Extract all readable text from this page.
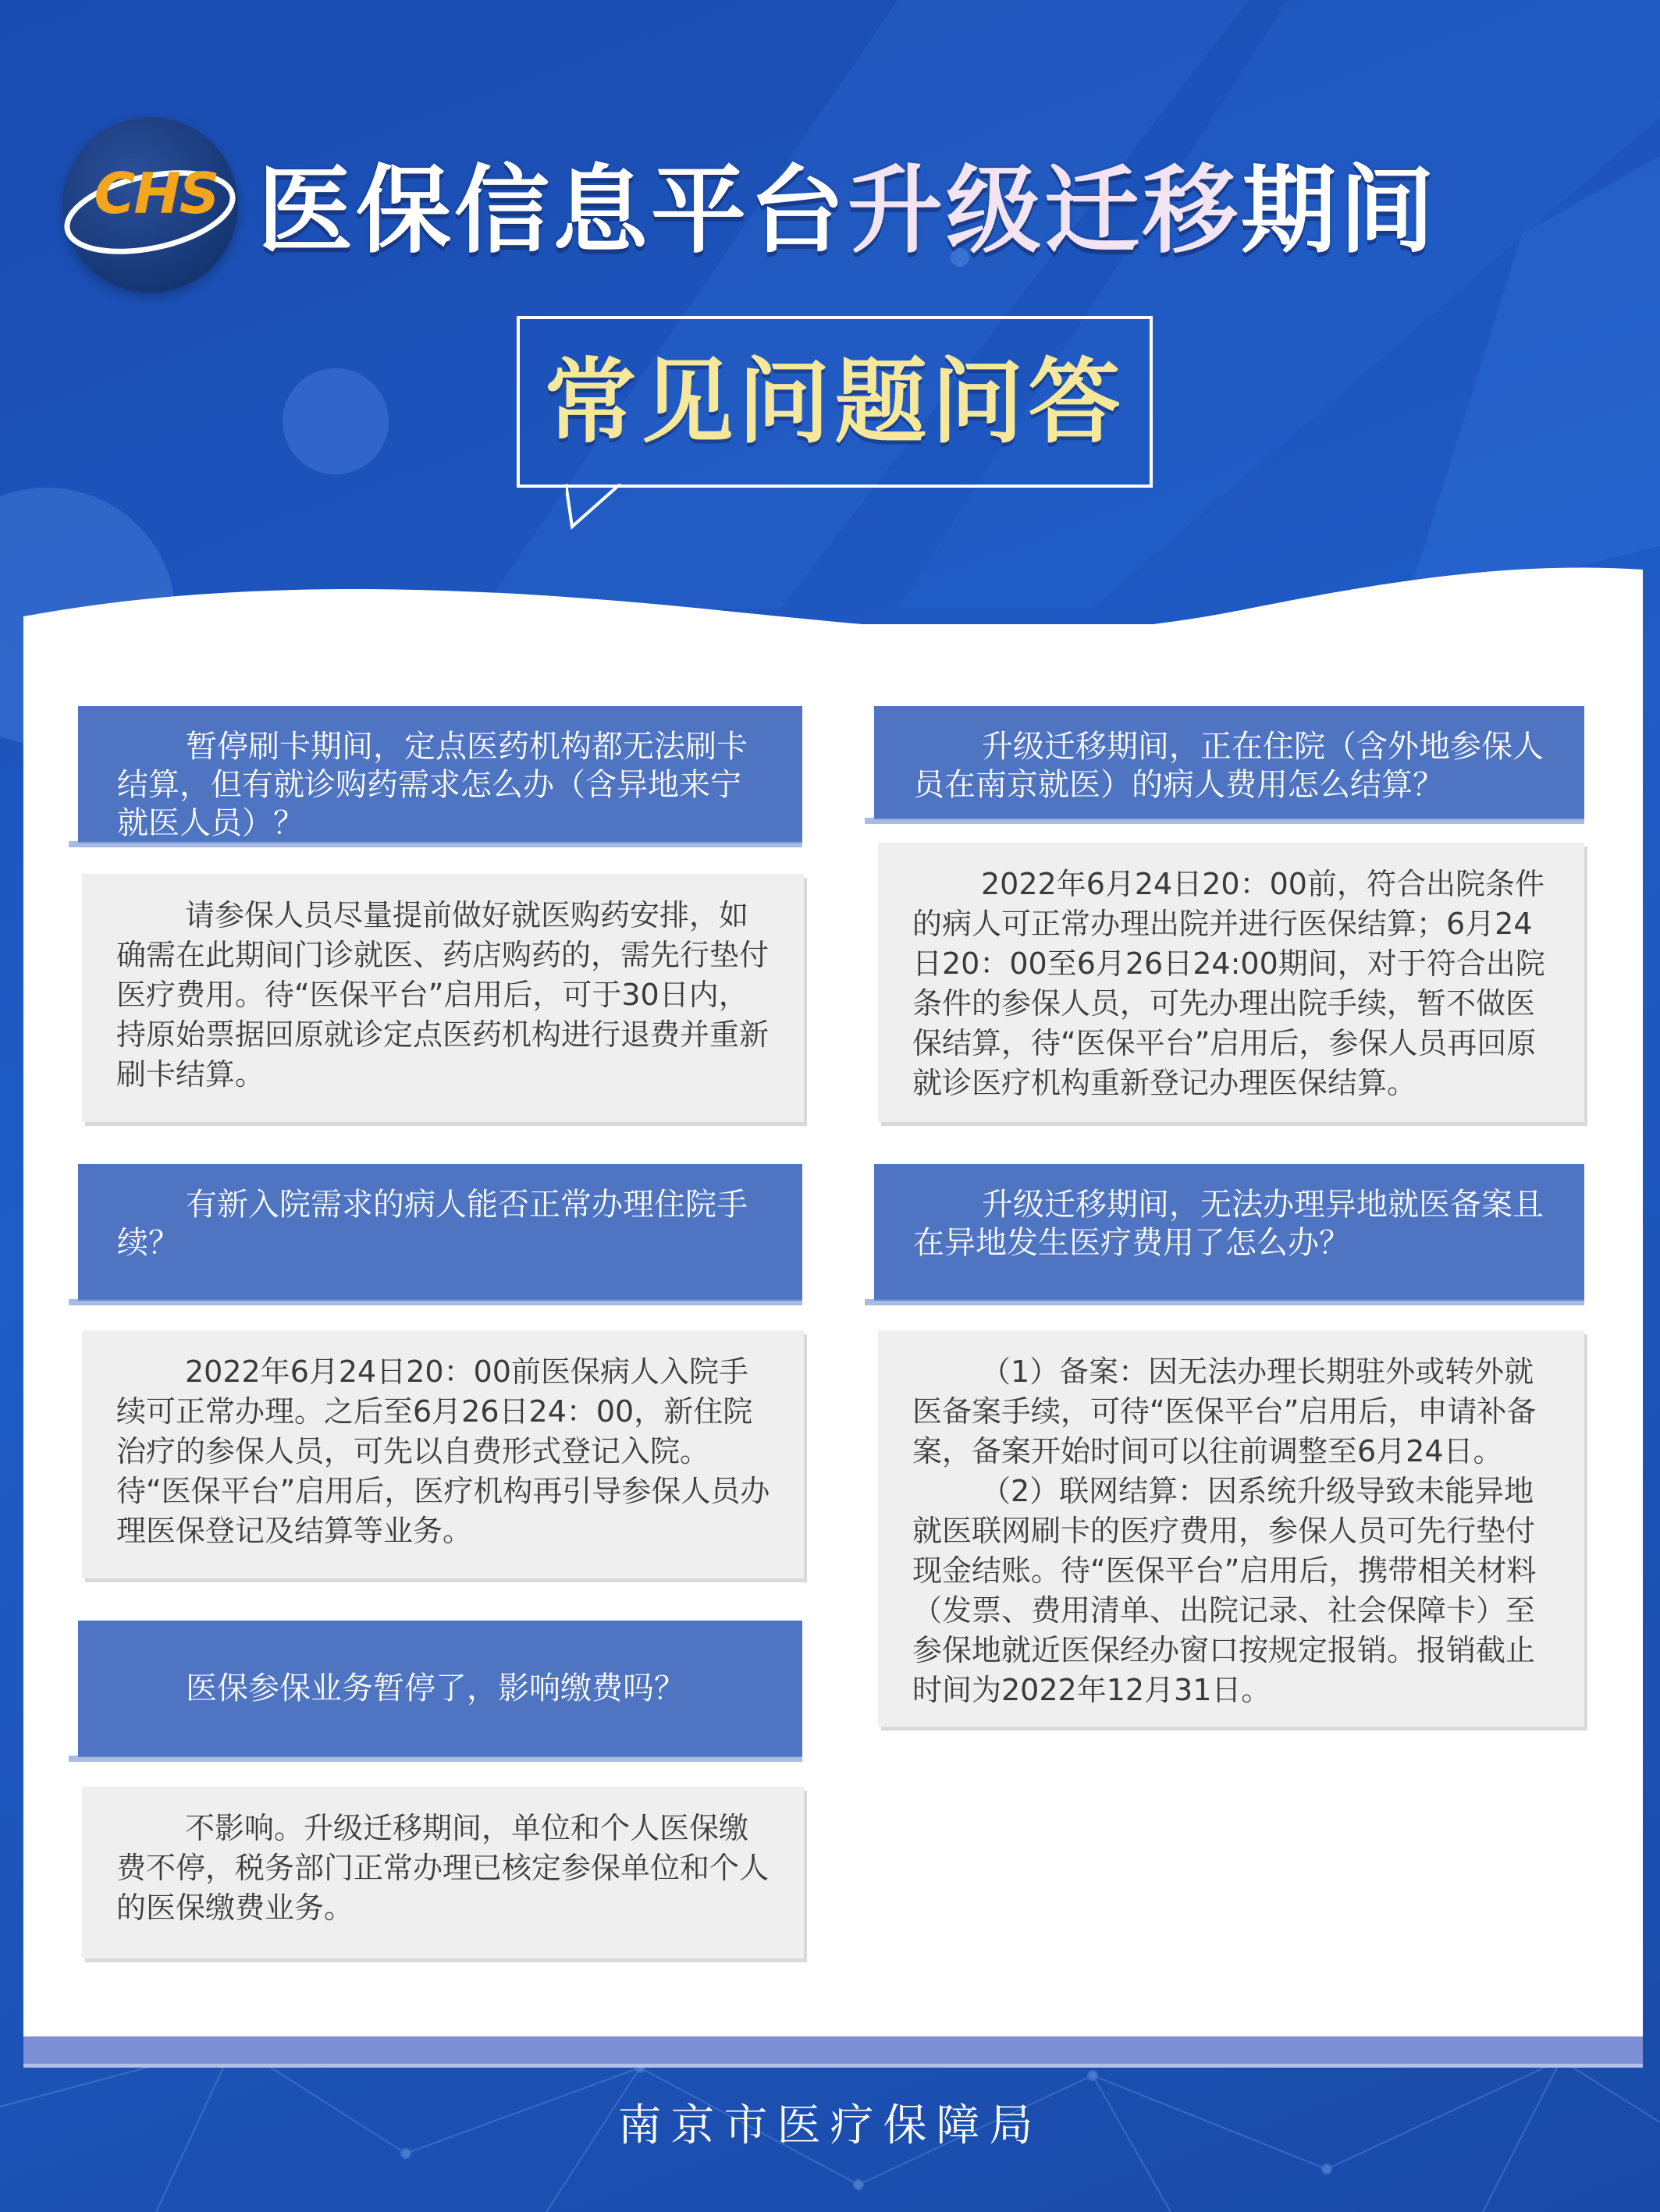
CHS 医保信息平台升级迁移期间
常见问题问答

暂停刷卡期间，定点医药机构都无法刷卡结算，但有就诊购药需求怎么办（含异地来宁就医人员）？

请参保人员尽量提前做好就医购药安排，如确需在此期间门诊就医、药店购药的，需先行垫付医疗费用。待“医保平台”启用后，可于30日内，持原始票据回原就诊定点医药机构进行退费并重新刷卡结算。

升级迁移期间，正在住院（含外地参保人员在南京就医）的病人费用怎么结算？

2022年6月24日20：00前，符合出院条件的病人可正常办理出院并进行医保结算；6月24日20：00至6月26日24:00期间，对于符合出院条件的参保人员，可先办理出院手续，暂不做医保结算，待“医保平台”启用后，参保人员再回原就诊医疗机构重新登记办理医保结算。

有新入院需求的病人能否正常办理住院手续？

2022年6月24日20：00前医保病人入院手续可正常办理。之后至6月26日24：00，新住院治疗的参保人员，可先以自费形式登记入院。待“医保平台”启用后，医疗机构再引导参保人员办理医保登记及结算等业务。

升级迁移期间，无法办理异地就医备案且在异地发生医疗费用了怎么办？

（1）备案：因无法办理长期驻外或转外就医备案手续，可待“医保平台”启用后，申请补备案，备案开始时间可以往前调整至6月24日。

（2）联网结算：因系统升级导致未能异地就医联网刷卡的医疗费用，参保人员可先行垫付现金结账。待“医保平台”启用后，携带相关材料（发票、费用清单、出院记录、社会保障卡）至参保地就近医保经办窗口按规定报销。报销截止时间为2022年12月31日。

医保参保业务暂停了，影响缴费吗？

不影响。升级迁移期间，单位和个人医保缴费不停，税务部门正常办理已核定参保单位和个人的医保缴费业务。

南京市医疗保障局
